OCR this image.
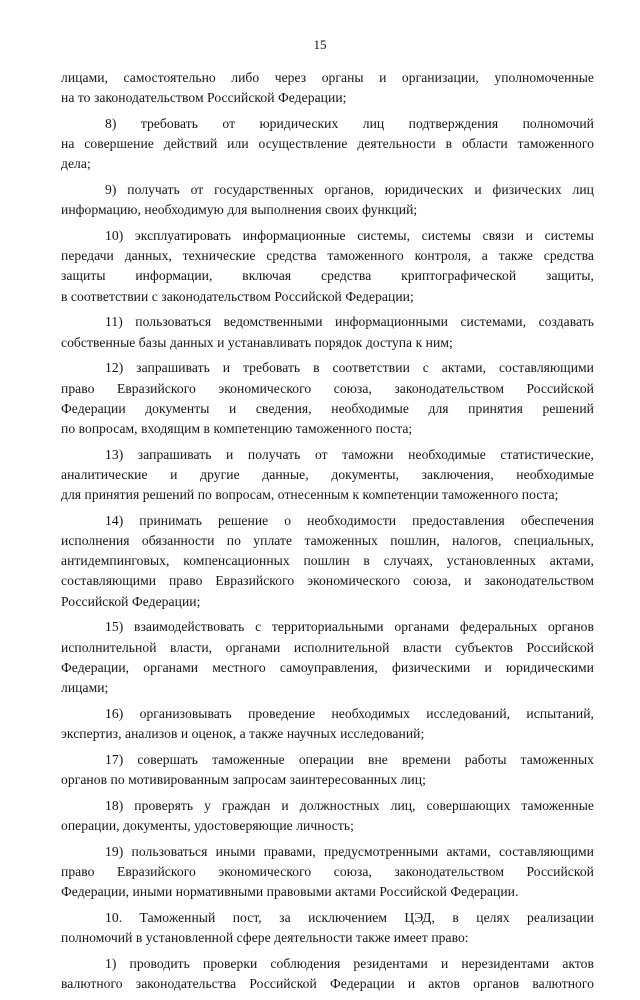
15
лицами, самостоятельно либо через органы и организации, уполномоченные
на то законодательством Российской Федерации;
8) требовать от юридических лиц подтверждения полномочий
на совершение действий или осуществление деятельности в области таможенного
дела;
9) получать от государственных органов, юридических и физических лиц
информацию, необходимую для выполнения своих функций;
10) эксплуатировать информационные системы, системы связи и системы
передачи данных, технические средства таможенного контроля, а также средства
защиты информации, включая средства криптографической защиты,
в соответствии с законодательством Российской Федерации;
11) пользоваться ведомственными информационными системами, создавать
собственные базы данных и устанавливать порядок доступа к ним;
12) запрашивать и требовать в соответствии с актами, составляющими
право Евразийского экономического союза, законодательством Российской
Федерации документы и сведения, необходимые для принятия решений
по вопросам, входящим в компетенцию таможенного поста;
13) запрашивать и получать от таможни необходимые статистические,
аналитические и другие данные, документы, заключения, необходимые
для принятия решений по вопросам, отнесенным к компетенции таможенного поста;
14) принимать решение о необходимости предоставления обеспечения
исполнения обязанности по уплате таможенных пошлин, налогов, специальных,
антидемпинговых, компенсационных пошлин в случаях, установленных актами,
составляющими право Евразийского экономического союза, и законодательством
Российской Федерации;
15) взаимодействовать с территориальными органами федеральных органов
исполнительной власти, органами исполнительной власти субъектов Российской
Федерации, органами местного самоуправления, физическими и юридическими
лицами;
16) организовывать проведение необходимых исследований, испытаний,
экспертиз, анализов и оценок, а также научных исследований;
17) совершать таможенные операции вне времени работы таможенных
органов по мотивированным запросам заинтересованных лиц;
18) проверять у граждан и должностных лиц, совершающих таможенные
операции, документы, удостоверяющие личность;
19) пользоваться иными правами, предусмотренными актами, составляющими
право Евразийского экономического союза, законодательством Российской
Федерации, иными нормативными правовыми актами Российской Федерации.
10. Таможенный пост, за исключением ЦЭД, в целях реализации
полномочий в установленной сфере деятельности также имеет право:
1) проводить проверки соблюдения резидентами и нерезидентами актов
валютного законодательства Российской Федерации и актов органов валютного
